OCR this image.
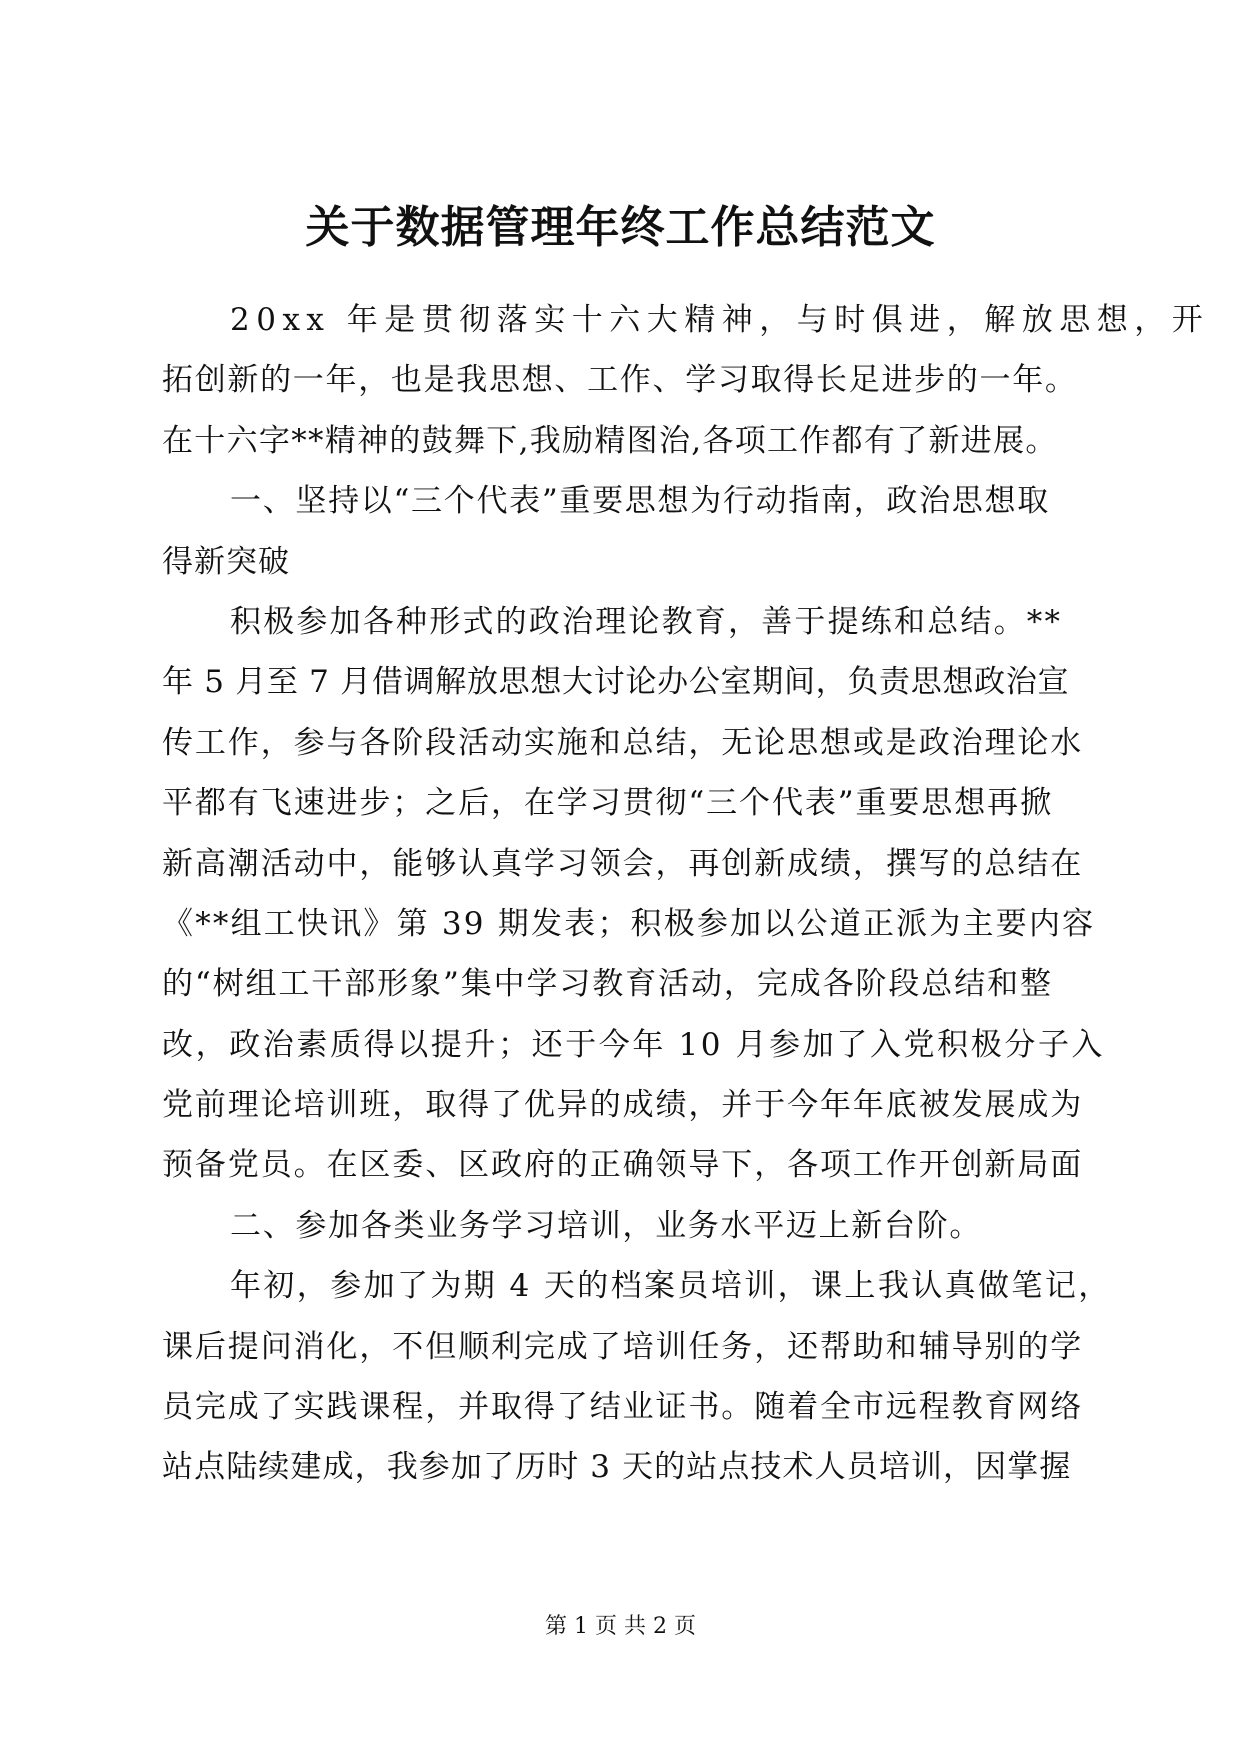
关于数据管理年终工作总结范文
20xx 年是贯彻落实十六大精神，与时俱进，解放思想，开
拓创新的一年，也是我思想、工作、学习取得长足进步的一年。
在十六字**精神的鼓舞下,我励精图治,各项工作都有了新进展。
一、坚持以“三个代表”重要思想为行动指南，政治思想取
得新突破
积极参加各种形式的政治理论教育，善于提练和总结。**
年 5 月至 7 月借调解放思想大讨论办公室期间，负责思想政治宣
传工作，参与各阶段活动实施和总结，无论思想或是政治理论水
平都有飞速进步；之后，在学习贯彻“三个代表”重要思想再掀
新高潮活动中，能够认真学习领会，再创新成绩，撰写的总结在
《**组工快讯》第 39 期发表；积极参加以公道正派为主要内容
的“树组工干部形象”集中学习教育活动，完成各阶段总结和整
改，政治素质得以提升；还于今年 10 月参加了入党积极分子入
党前理论培训班，取得了优异的成绩，并于今年年底被发展成为
预备党员。在区委、区政府的正确领导下，各项工作开创新局面
二、参加各类业务学习培训，业务水平迈上新台阶。
年初，参加了为期 4 天的档案员培训，课上我认真做笔记，
课后提问消化，不但顺利完成了培训任务，还帮助和辅导别的学
员完成了实践课程，并取得了结业证书。随着全市远程教育网络
站点陆续建成，我参加了历时 3 天的站点技术人员培训，因掌握
第 1 页 共 2 页
